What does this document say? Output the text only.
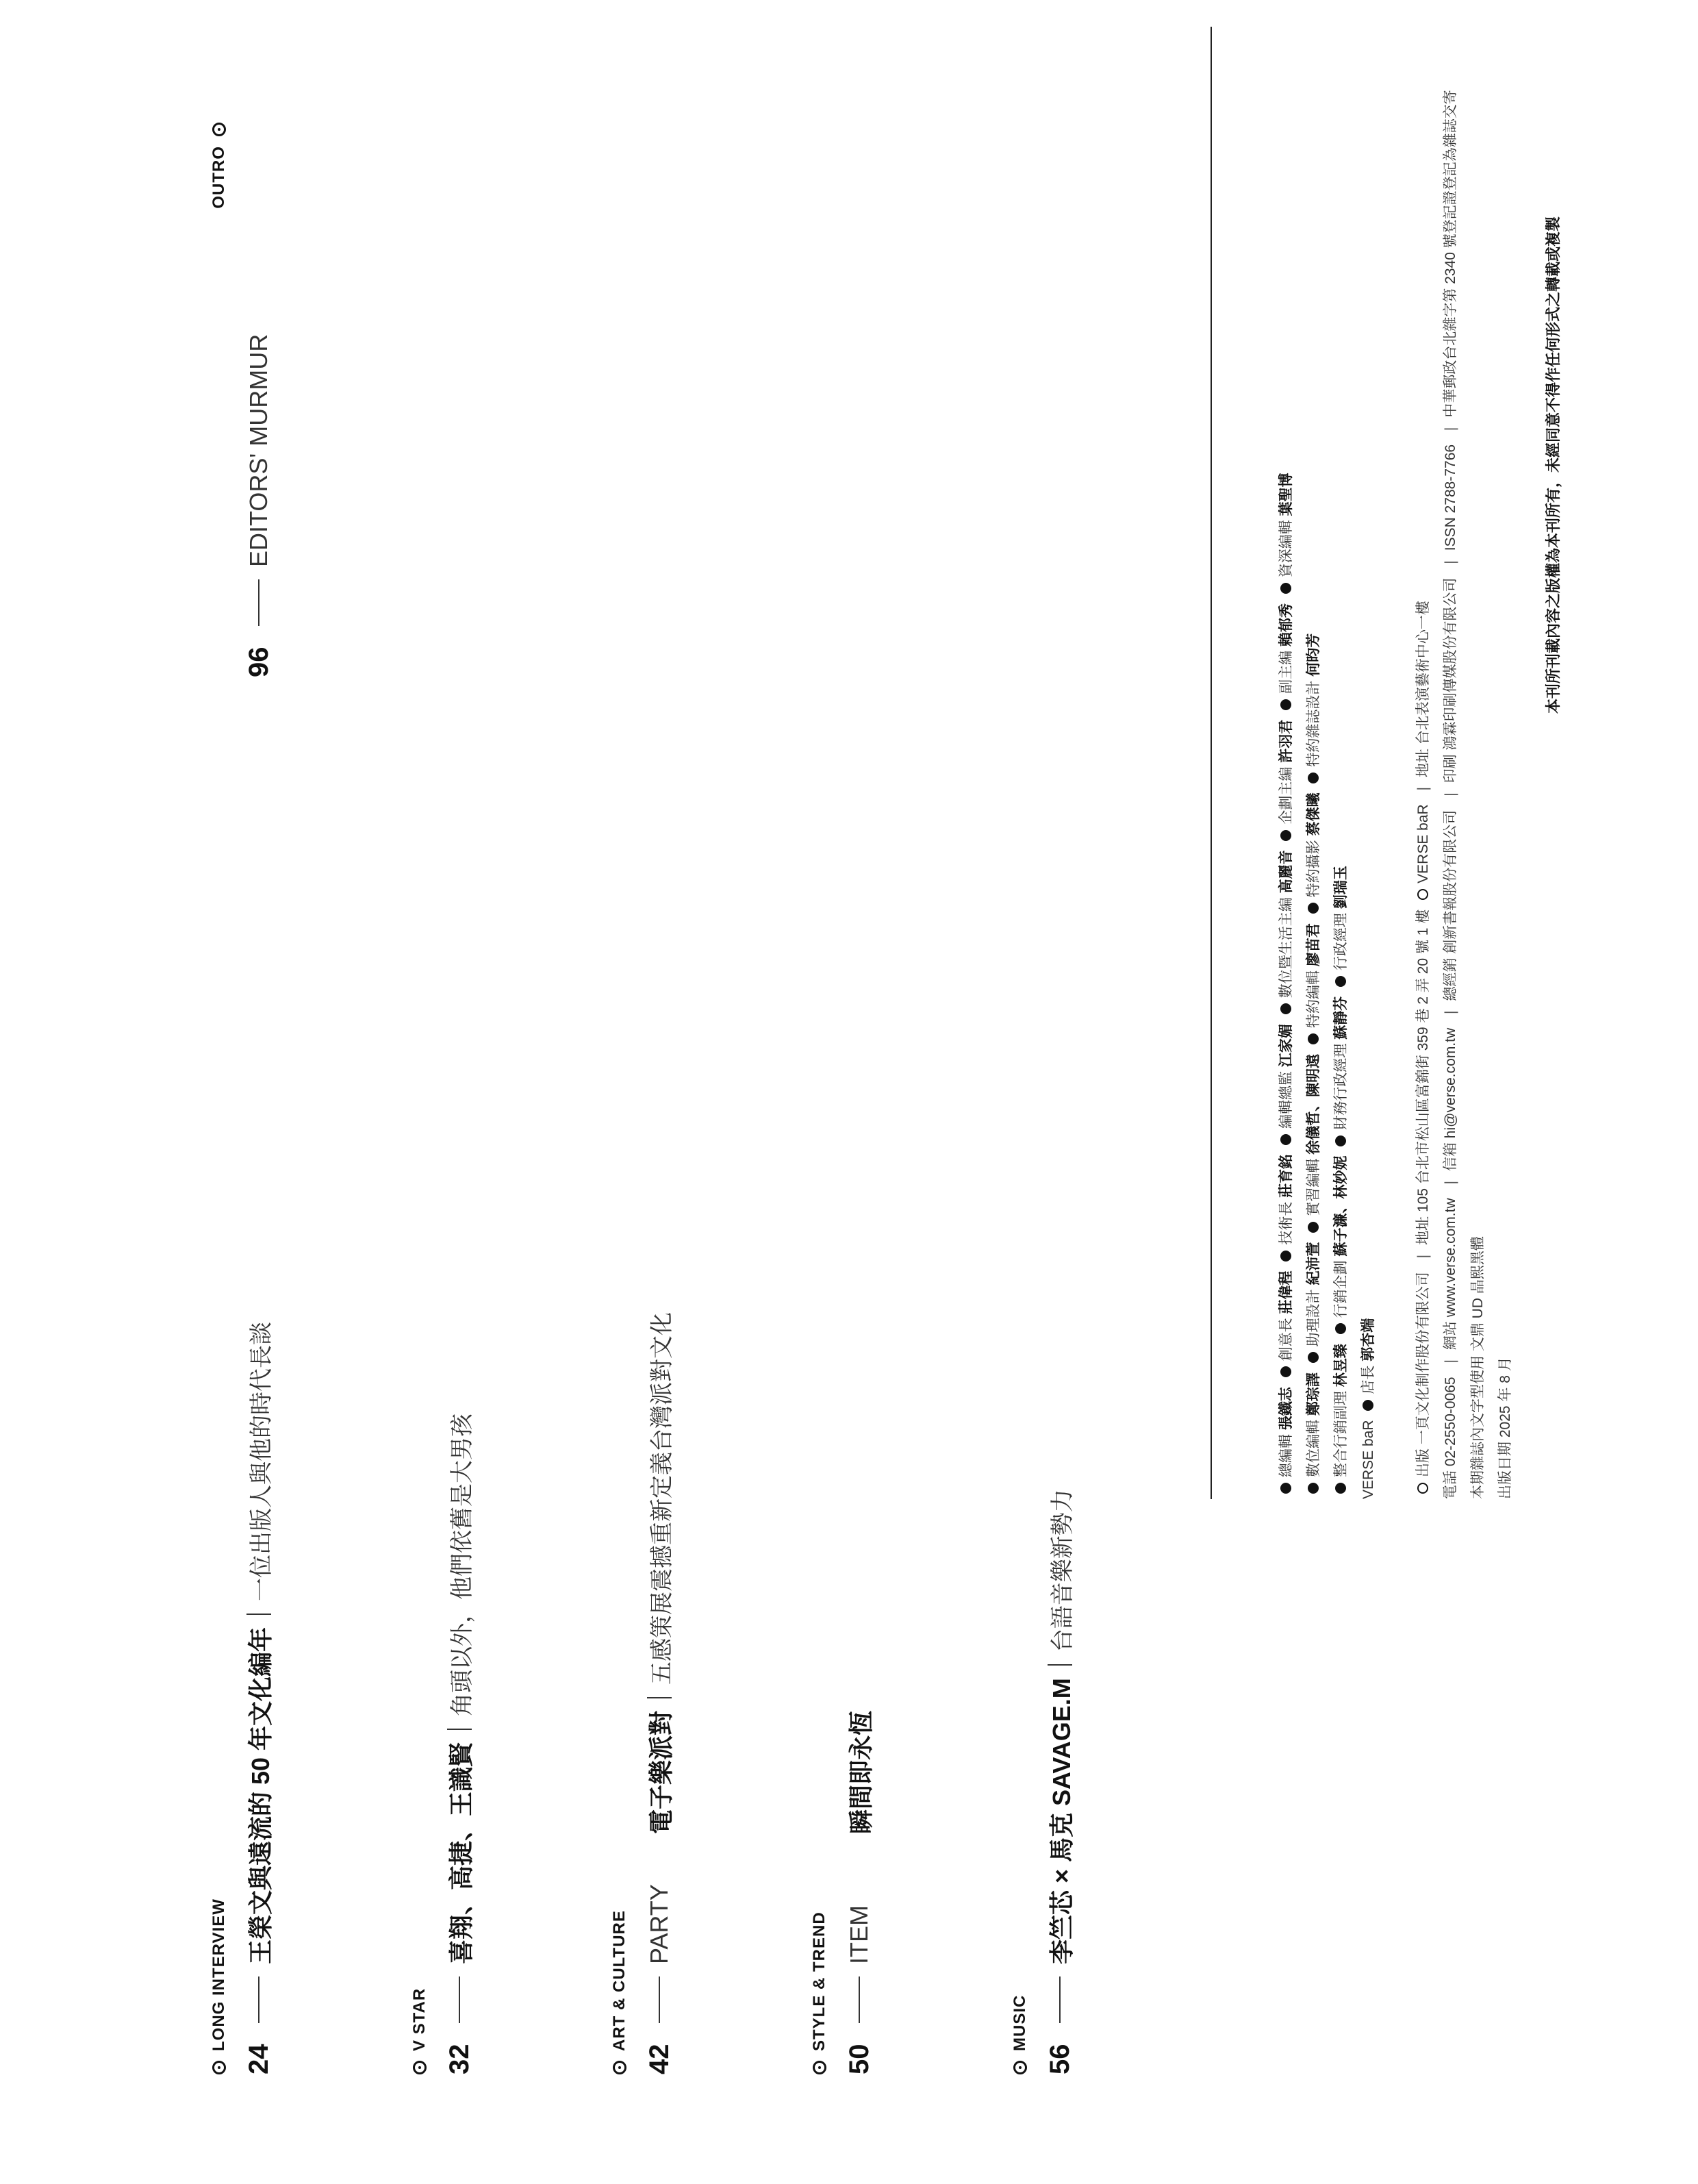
LONG INTERVIEW
24
王榮文與遠流的 50 年文化編年
一位出版人與他的時代長談
V STAR
32
喜翔、高捷、王識賢
角頭以外，他們依舊是大男孩
ART & CULTURE
42
PARTY
電子樂派對
五感策展震撼重新定義台灣派對文化
STYLE & TREND
50
ITEM
瞬間即永恆
MUSIC
56
李竺芯 × 馬克 SAVAGE.M
台語音樂新勢力
OUTRO
96
EDITORS' MURMUR
總編輯 張鐵志 創意長 莊偉程 技術長 莊育銘 編輯總監 江家媚 數位暨生活主編 高麗音 企劃主編 許羽君 副主編 賴郁秀 資深編輯 葉聖博
數位編輯 鄭琮譯 助理設計 紀沛萱 實習編輯 徐儀哲、陳明遠 特約編輯 廖苗君 特約攝影 蔡傑曦 特約雜誌設計 何昀芳
整合行銷副理 林昱臻 行銷企劃 蘇子濂、林妙妮 財務行政經理 蘇靜芬 行政經理 劉瑞玉
VERSE baR 店長 郭杏端	出版 一頁文化制作股份有限公司 |地址 105 台北市松山區富錦街 359 巷 2 弄 20 號 1 樓 VERSE baR |地址 台北表演藝術中心一樓
電話 02-2550-0065 |網站 www.verse.com.tw |信箱 hi@verse.com.tw |總經銷 創新書報股份有限公司 |印刷 鴻霖印刷傳媒股份有限公司 |ISSN 2788-7766 |中華郵政台北雜字第 2340 號登記證登記為雜誌交寄
本期雜誌內文字型使用 文鼎 UD 晶熙黑體 出版日期 2025 年 8 月
本刊所刊載內容之版權為本刊所有，未經同意不得作任何形式之轉載或複製
